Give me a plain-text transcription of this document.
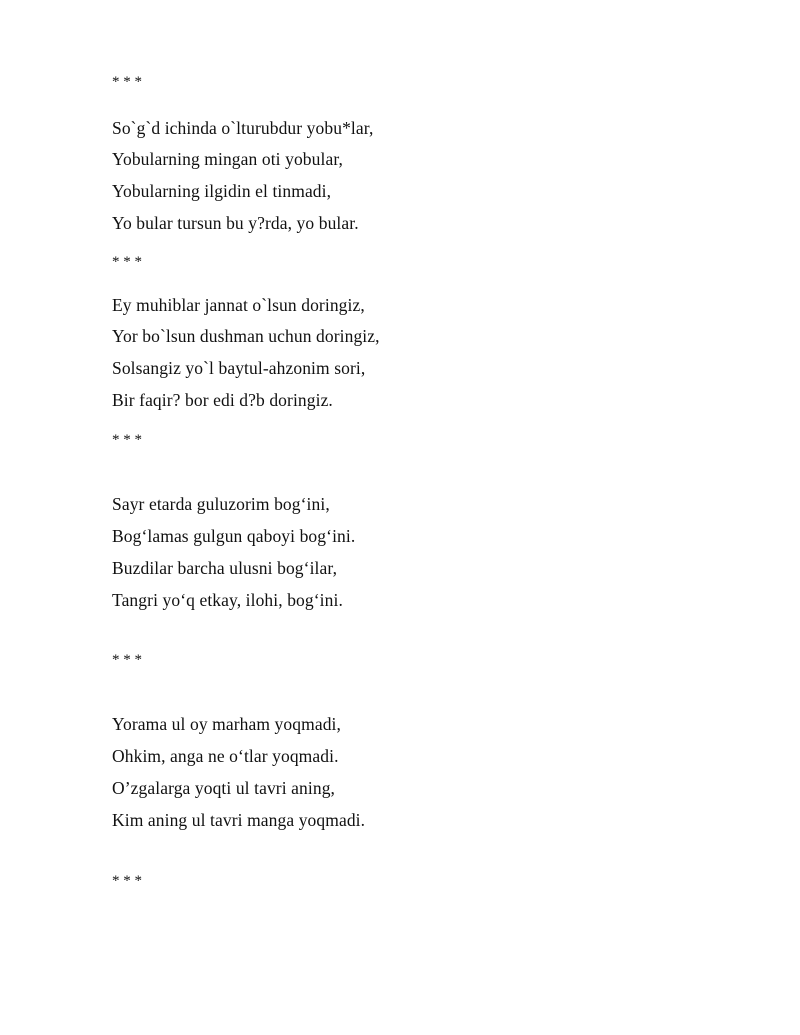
* * *
So`g`d ichinda o`lturubdur yobu*lar,
Yobularning mingan oti yobular,
Yobularning ilgidin el tinmadi,
Yo bular tursun bu y?rda, yo bular.
* * *
Ey muhiblar jannat o`lsun doringiz,
Yor bo`lsun dushman uchun doringiz,
Solsangiz yo`l baytul-ahzonim sori,
Bir faqir? bor edi d?b doringiz.
* * *
Sayr etarda guluzorim bog‘ini,
Bog‘lamas gulgun qaboyi bog‘ini.
Buzdilar barcha ulusni bog‘ilar,
Tangri yo‘q etkay, ilohi, bog‘ini.
* * *
Yorama ul oy marham yoqmadi,
Ohkim, anga ne o‘tlar yoqmadi.
O’zgalarga yoqti ul tavri aning,
Kim aning ul tavri manga yoqmadi.
* * *
